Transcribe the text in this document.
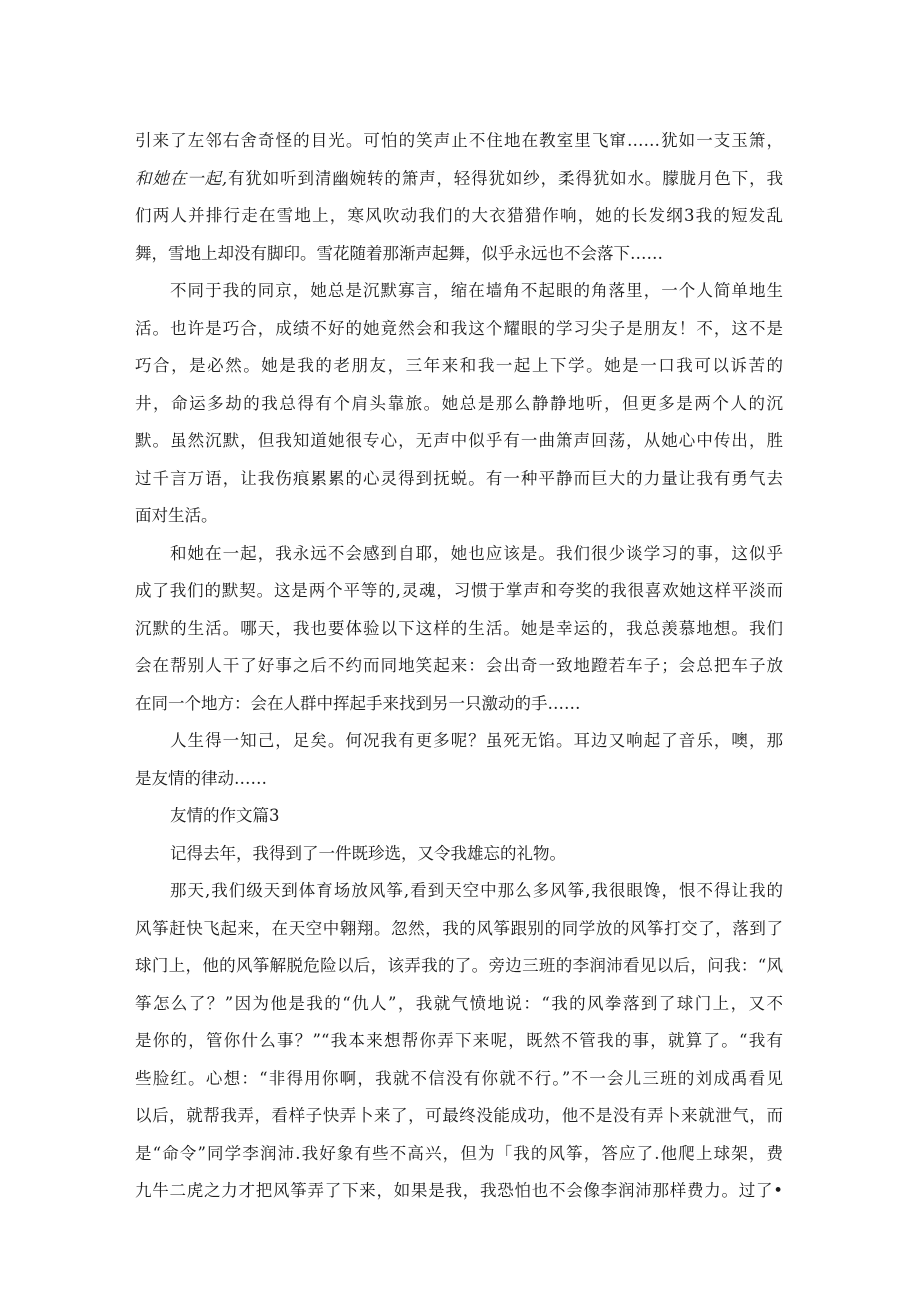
引来了左邻右舍奇怪的目光。可怕的笑声止不住地在教室里飞窜……犹如一支玉箫，
和她在一起,有犹如听到清幽婉转的箫声，轻得犹如纱，柔得犹如水。朦胧月色下，我
们两人并排行走在雪地上，寒风吹动我们的大衣猎猎作响，她的长发纲3我的短发乱
舞，雪地上却没有脚印。雪花随着那渐声起舞，似乎永远也不会落下……
不同于我的同京，她总是沉默寡言，缩在墙角不起眼的角落里，一个人简单地生
活。也许是巧合，成绩不好的她竟然会和我这个耀眼的学习尖子是朋友！不，这不是
巧合，是必然。她是我的老朋友，三年来和我一起上下学。她是一口我可以诉苦的
井，命运多劫的我总得有个肩头靠旅。她总是那么静静地听，但更多是两个人的沉
默。虽然沉默，但我知道她很专心，无声中似乎有一曲箫声回荡，从她心中传出，胜
过千言万语，让我伤痕累累的心灵得到抚蜕。有一种平静而巨大的力量让我有勇气去
面对生活。
和她在一起，我永远不会感到自耶，她也应该是。我们很少谈学习的事，这似乎
成了我们的默契。这是两个平等的,灵魂，习惯于掌声和夸奖的我很喜欢她这样平淡而
沉默的生活。哪天，我也要体验以下这样的生活。她是幸运的，我总羡慕地想。我们
会在帮别人干了好事之后不约而同地笑起来：会出奇一致地蹬若车子；会总把车子放
在同一个地方：会在人群中挥起手来找到另一只激动的手……
人生得一知己，足矣。何况我有更多呢？虽死无馅。耳边又响起了音乐，噢，那
是友情的律动……
友情的作文篇3
记得去年，我得到了一件既珍选，又令我雄忘的礼物。
那天,我们级天到体育场放风筝,看到天空中那么多风筝,我很眼馋，恨不得让我的
风筝赶快飞起来，在天空中翱翔。忽然，我的风筝跟别的同学放的风筝打交了，落到了
球门上，他的风筝解脱危险以后，该弄我的了。旁边三班的李润沛看见以后，问我：“风
筝怎么了？”因为他是我的“仇人”，我就气愤地说：“我的风拳落到了球门上，又不
是你的，管你什么事？”“我本来想帮你弄下来呢，既然不管我的事，就算了。“我有
些脸红。心想：“非得用你啊，我就不信没有你就不行。”不一会儿三班的刘成禹看见
以后，就帮我弄，看样子快弄卜来了，可最终没能成功，他不是没有弄卜来就泄气，而
是“命令”同学李润沛.我好象有些不高兴，但为「我的风筝，答应了.他爬上球架，费
九牛二虎之力才把风筝弄了下来，如果是我，我恐怕也不会像李润沛那样费力。过了•
